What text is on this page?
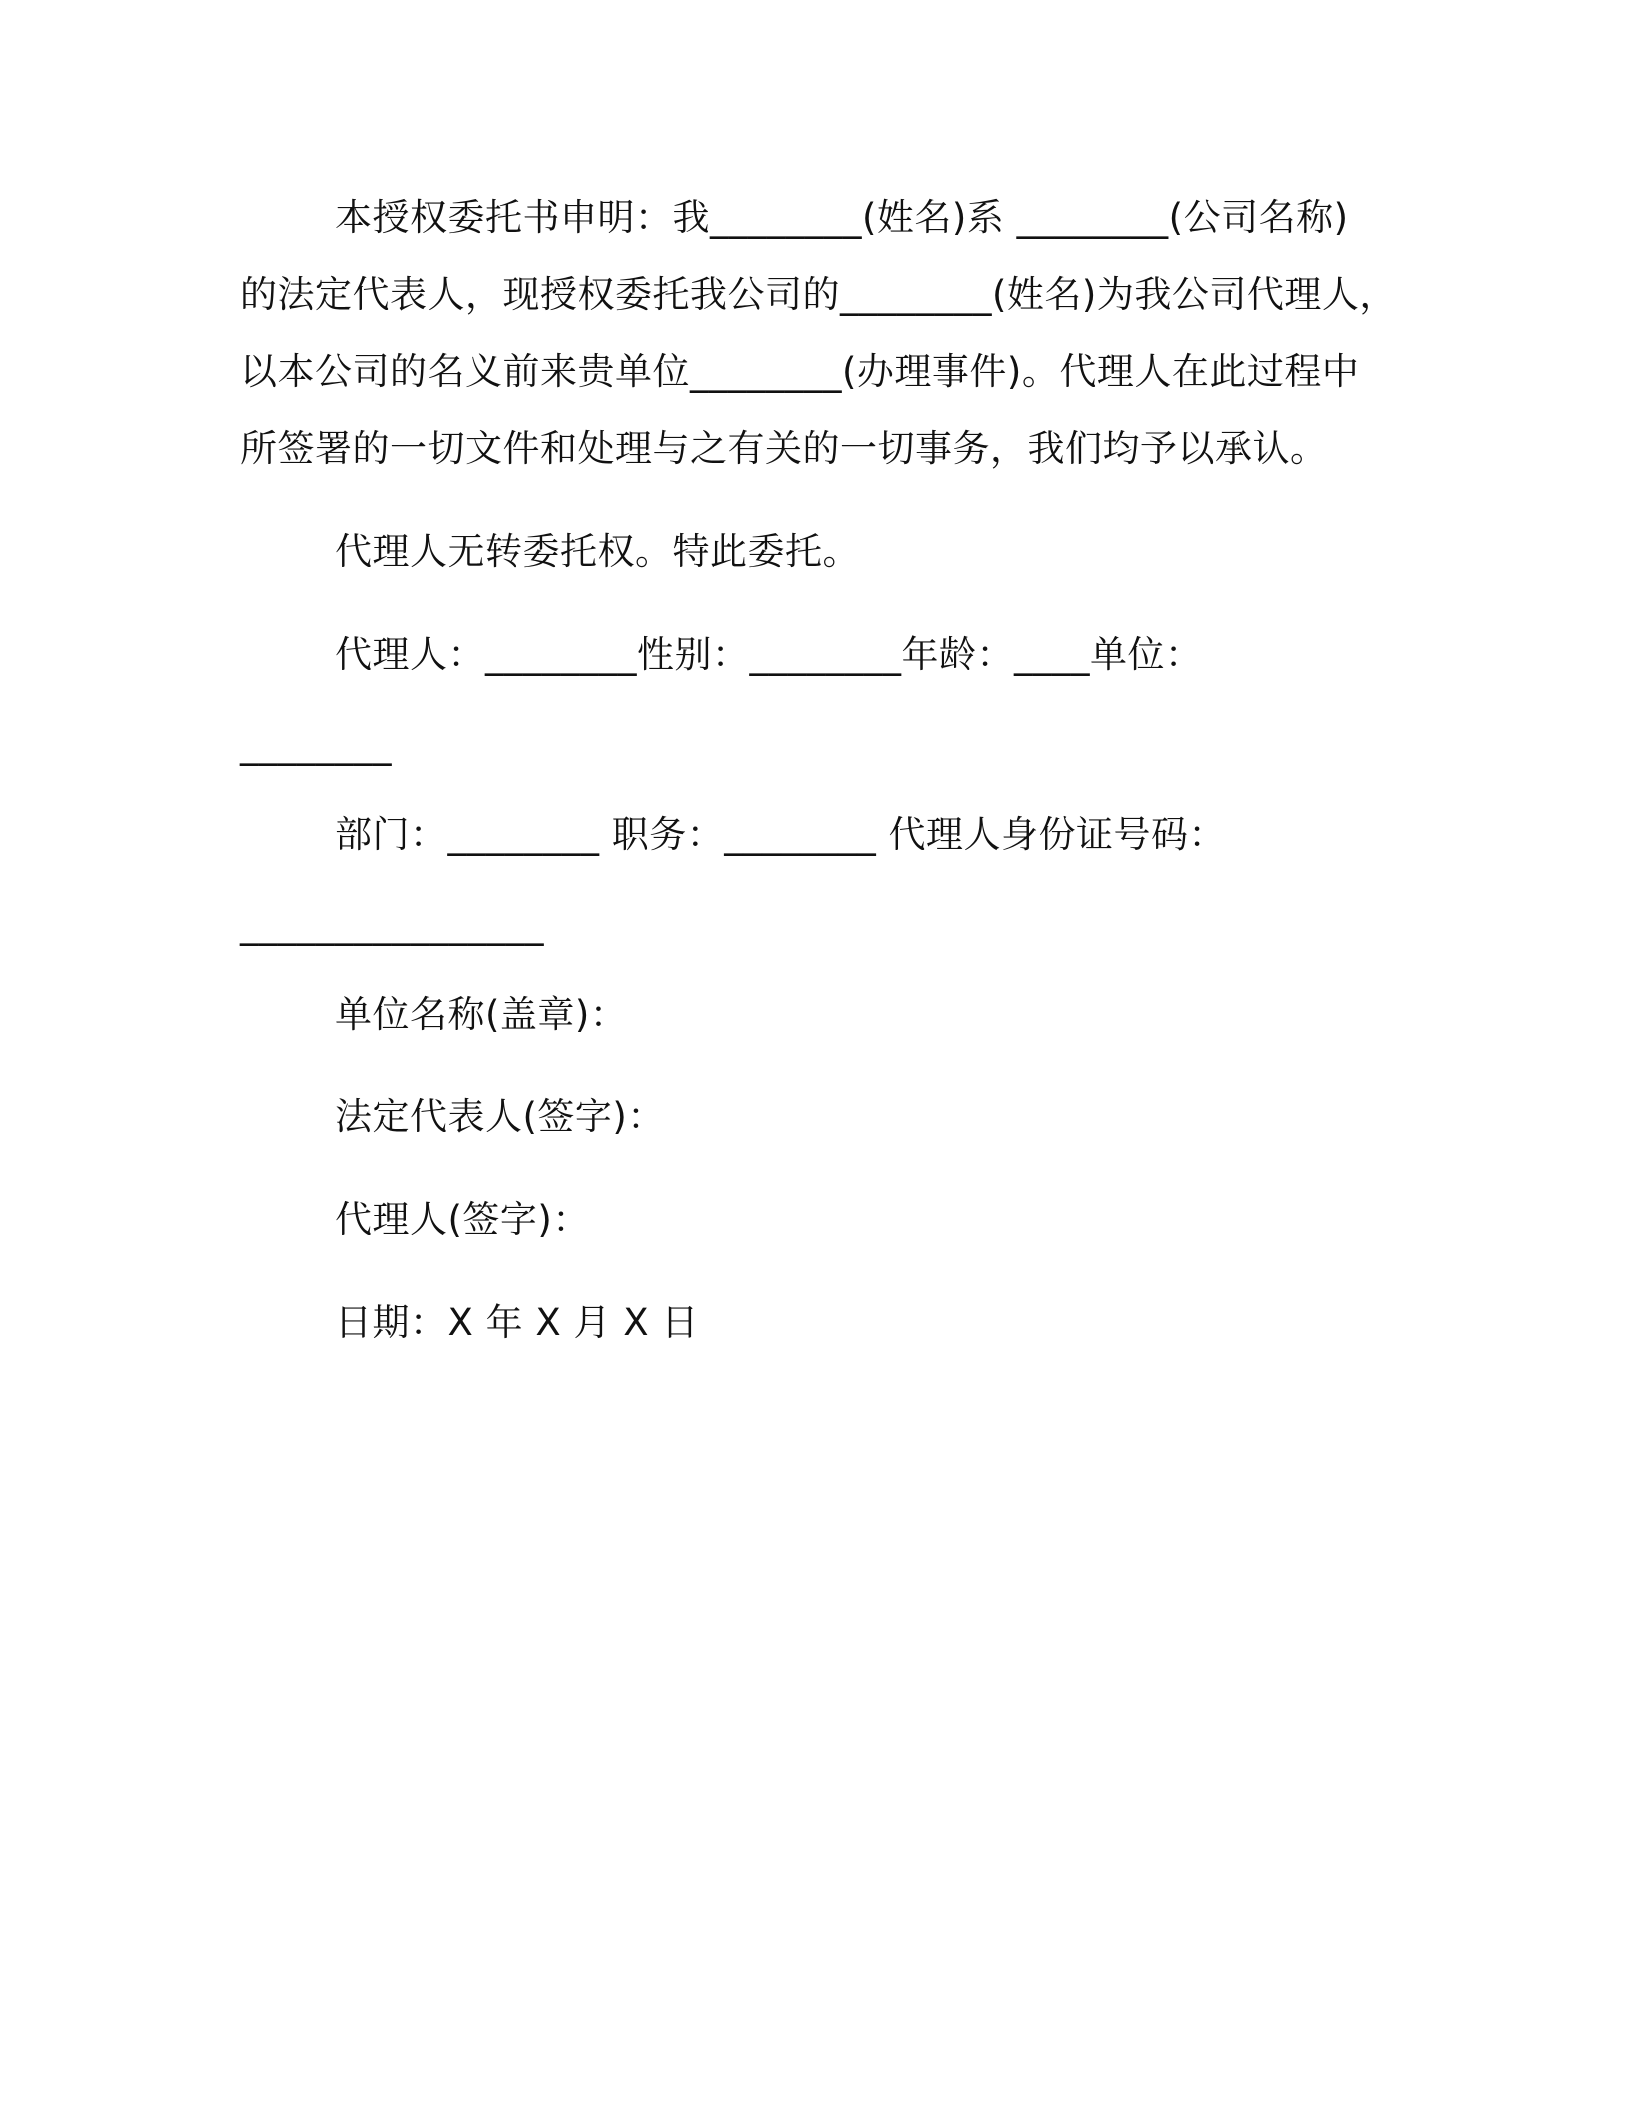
本授权委托书申明：我________(姓名)系 ________(公司名称)
的法定代表人，现授权委托我公司的________(姓名)为我公司代理人，
以本公司的名义前来贵单位________(办理事件)。代理人在此过程中
所签署的一切文件和处理与之有关的一切事务，我们均予以承认。
代理人无转委托权。特此委托。
代理人：________性别：________年龄：____单位：
________
部门：________ 职务：________ 代理人身份证号码：
________________
单位名称(盖章)：
法定代表人(签字)：
代理人(签字)：
日期：X 年 X 月 X 日
